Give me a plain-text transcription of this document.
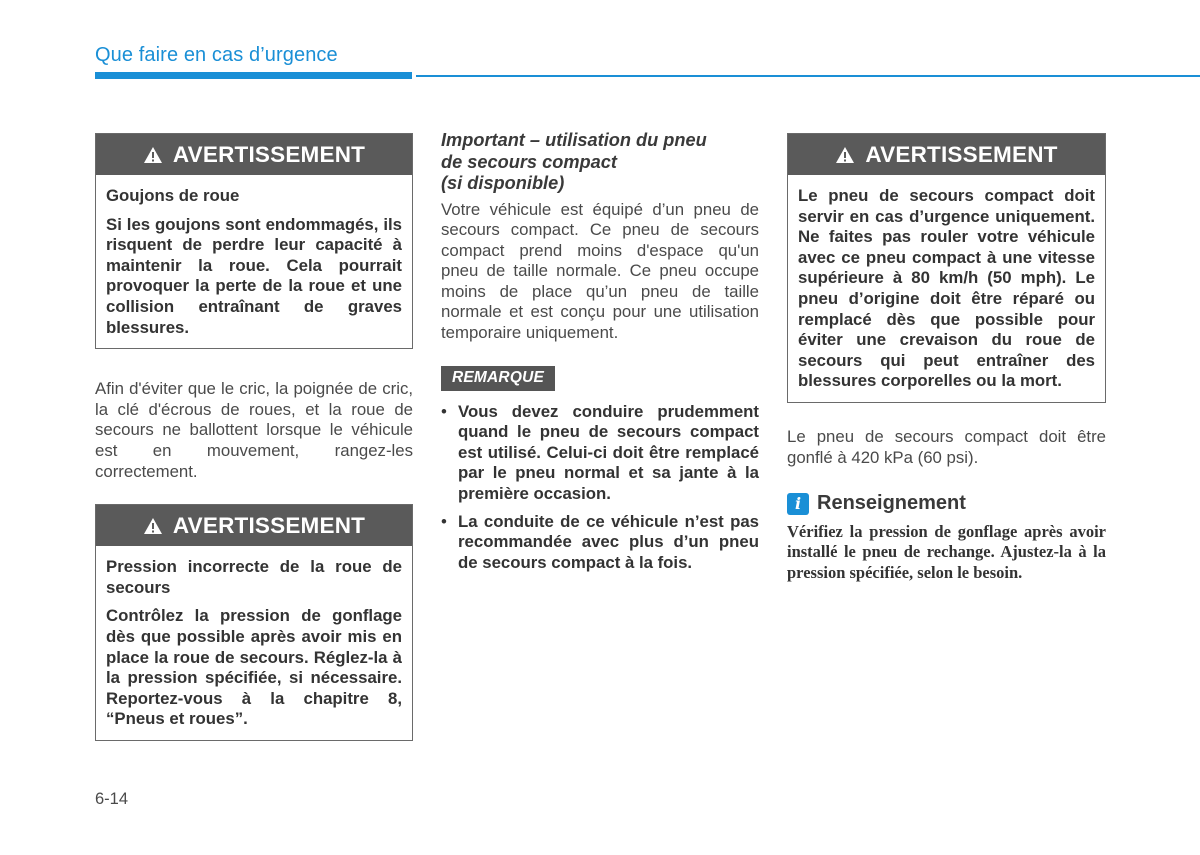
Que faire en cas d’urgence
AVERTISSEMENT

Goujons de roue

Si les goujons sont endommagés, ils risquent de perdre leur capacité à maintenir la roue. Cela pourrait provoquer la perte de la roue et une collision entraînant de graves blessures.

Afin d'éviter que le cric, la poignée de cric, la clé d'écrous de roues, et la roue de secours ne ballottent lorsque le véhicule est en mouvement, rangez-les correctement.

AVERTISSEMENT

Pression incorrecte de la roue de secours

Contrôlez la pression de gonflage dès que possible après avoir mis en place la roue de secours. Réglez-la à la pression spécifiée, si nécessaire. Reportez-vous à la chapitre 8, “Pneus et roues”.

Important – utilisation du pneu
de secours compact
(si disponible)

Votre véhicule est équipé d’un pneu de secours compact. Ce pneu de secours compact prend moins d'espace qu'un pneu de taille normale. Ce pneu occupe moins de place qu’un pneu de taille normale et est conçu pour une utilisation temporaire uniquement.

REMARQUE
• Vous devez conduire prudemment quand le pneu de secours compact est utilisé. Celui-ci doit être remplacé par le pneu normal et sa jante à la première occasion.
• La conduite de ce véhicule n’est pas recommandée avec plus d’un pneu de secours compact à la fois.
AVERTISSEMENT

Le pneu de secours compact doit servir en cas d’urgence uniquement. Ne faites pas rouler votre véhicule avec ce pneu compact à une vitesse supérieure à 80 km/h (50 mph). Le pneu d’origine doit être réparé ou remplacé dès que possible pour éviter une crevaison du roue de secours qui peut entraîner des blessures corporelles ou la mort.

Le pneu de secours compact doit être gonflé à 420 kPa (60 psi).

i Renseignement

Vérifiez la pression de gonflage après avoir installé le pneu de rechange. Ajustez-la à la pression spécifiée, selon le besoin.

6-14
